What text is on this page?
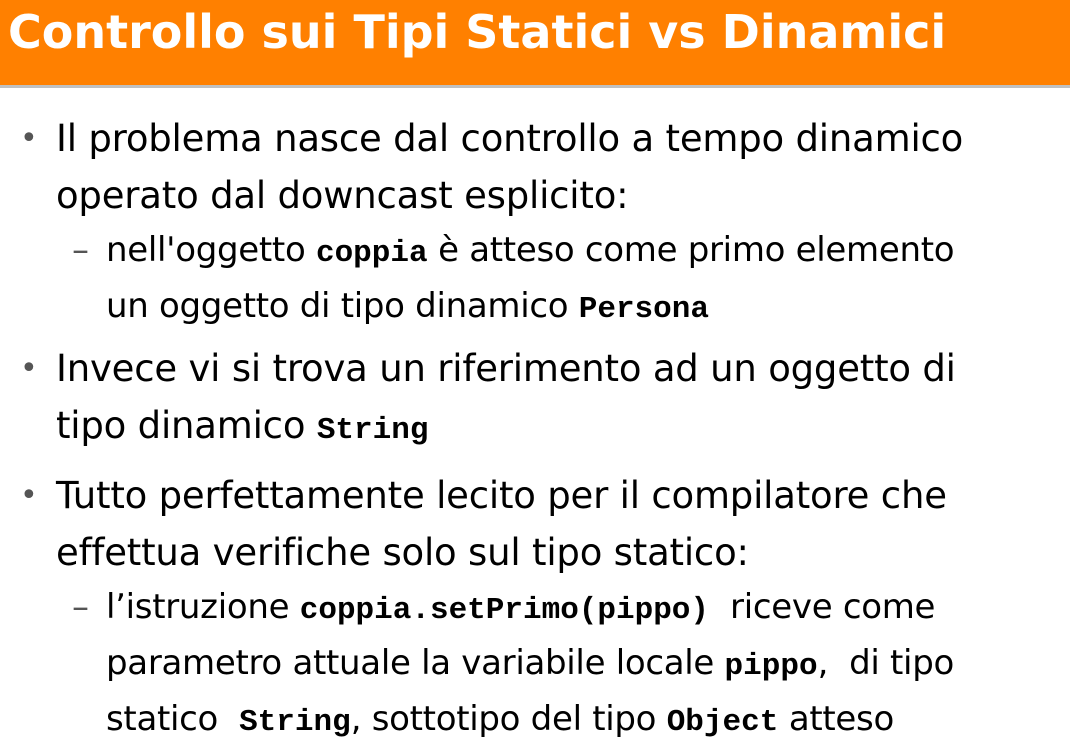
Controllo sui Tipi Statici vs Dinamici
• Il problema nasce dal controllo a tempo dinamico
operato dal downcast esplicito:
– nell'oggetto coppia è atteso come primo elemento
un oggetto di tipo dinamico Persona
• Invece vi si trova un riferimento ad un oggetto di
tipo dinamico String
• Tutto perfettamente lecito per il compilatore che
effettua verifiche solo sul tipo statico:
– l’istruzione coppia.setPrimo(pippo)  riceve come
parametro attuale la variabile locale pippo,  di tipo
statico  String, sottotipo del tipo Object atteso
